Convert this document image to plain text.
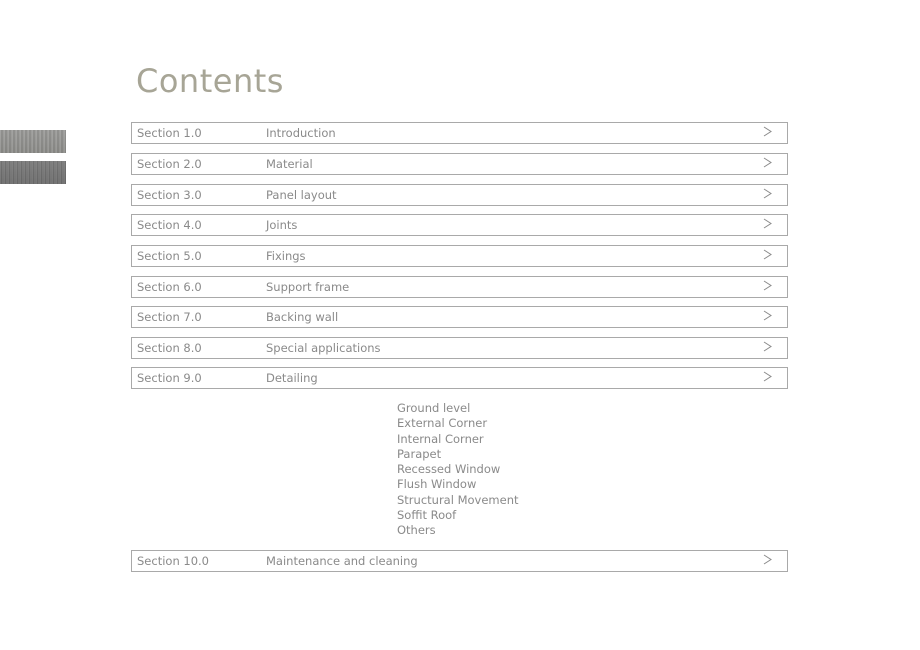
Contents
Section 1.0	Introduction
Section 2.0	Material
Section 3.0	Panel layout
Section 4.0	Joints
Section 5.0	Fixings
Section 6.0	Support frame
Section 7.0	Backing wall
Section 8.0	Special applications
Section 9.0	Detailing
Ground level
External Corner
Internal Corner
Parapet
Recessed Window
Flush Window
Structural Movement
Soffit Roof
Others
Section 10.0	Maintenance and cleaning
